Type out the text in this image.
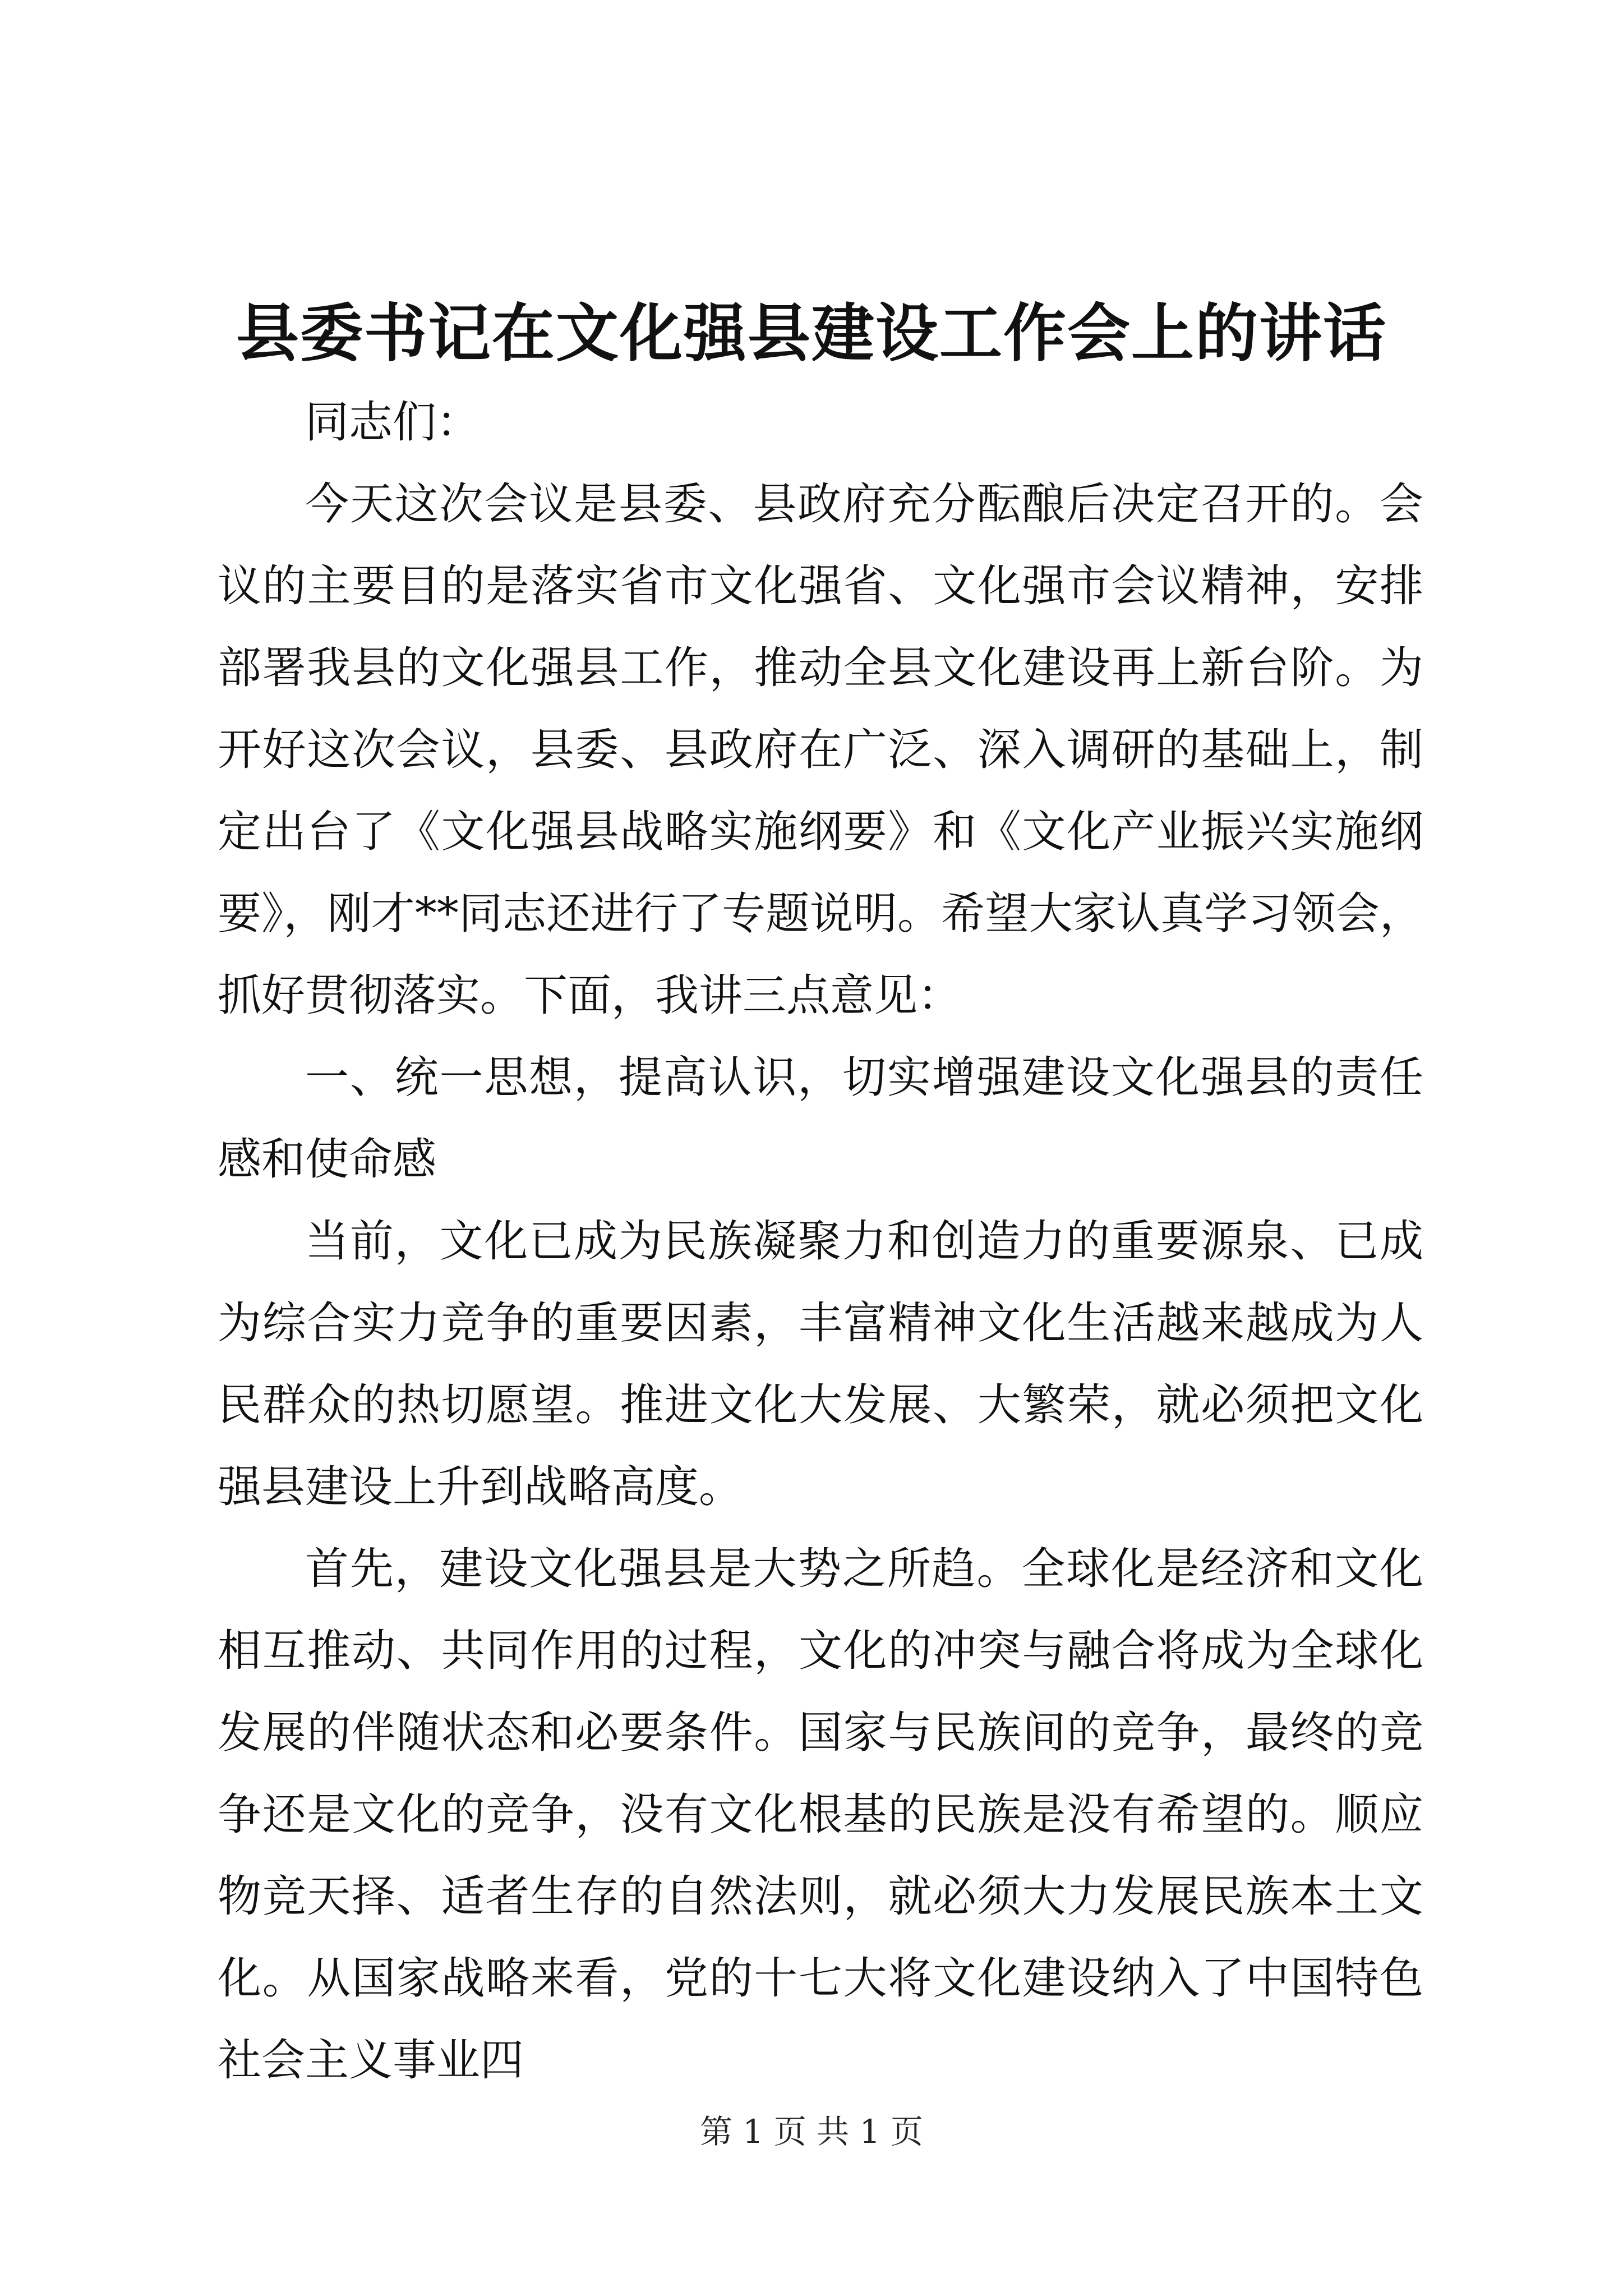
县委书记在文化强县建设工作会上的讲话

同志们：

今天这次会议是县委、县政府充分酝酿后决定召开的。会议的主要目的是落实省市文化强省、文化强市会议精神，安排部署我县的文化强县工作，推动全县文化建设再上新台阶。为开好这次会议，县委、县政府在广泛、深入调研的基础上，制定出台了《文化强县战略实施纲要》和《文化产业振兴实施纲要》，刚才**同志还进行了专题说明。希望大家认真学习领会，抓好贯彻落实。下面，我讲三点意见：

一、统一思想，提高认识，切实增强建设文化强县的责任感和使命感

当前，文化已成为民族凝聚力和创造力的重要源泉、已成为综合实力竞争的重要因素，丰富精神文化生活越来越成为人民群众的热切愿望。推进文化大发展、大繁荣，就必须把文化强县建设上升到战略高度。

首先，建设文化强县是大势之所趋。全球化是经济和文化相互推动、共同作用的过程，文化的冲突与融合将成为全球化发展的伴随状态和必要条件。国家与民族间的竞争，最终的竞争还是文化的竞争，没有文化根基的民族是没有希望的。顺应物竞天择、适者生存的自然法则，就必须大力发展民族本土文化。从国家战略来看，党的十七大将文化建设纳入了中国特色社会主义事业四

第 1 页 共 1 页
